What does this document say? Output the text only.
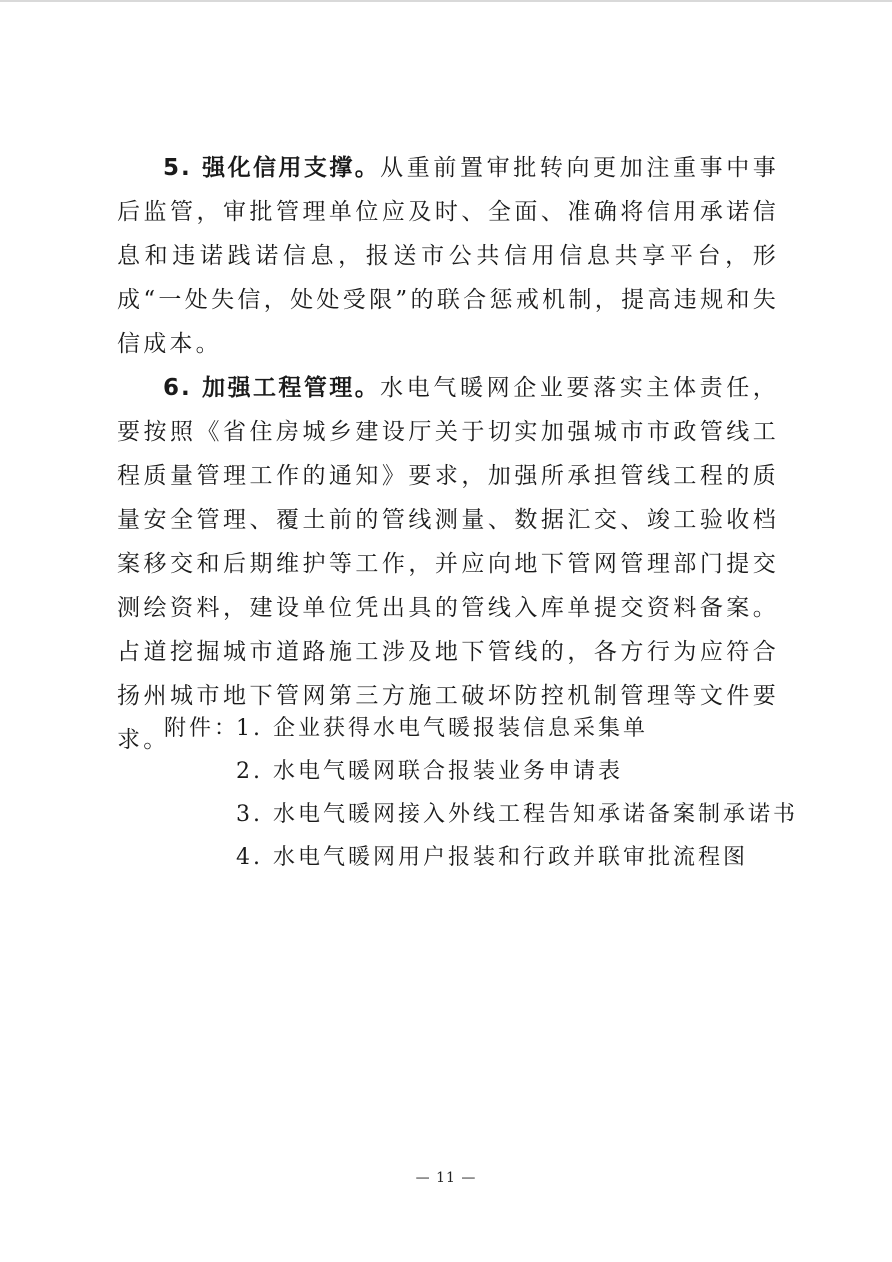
5. 强化信用支撑。从重前置审批转向更加注重事中事后监管，审批管理单位应及时、全面、准确将信用承诺信息和违诺践诺信息，报送市公共信用信息共享平台，形成“一处失信，处处受限”的联合惩戒机制，提高违规和失信成本。

6. 加强工程管理。水电气暖网企业要落实主体责任，要按照《省住房城乡建设厅关于切实加强城市市政管线工程质量管理工作的通知》要求，加强所承担管线工程的质量安全管理、覆土前的管线测量、数据汇交、竣工验收档案移交和后期维护等工作，并应向地下管网管理部门提交测绘资料，建设单位凭出具的管线入库单提交资料备案。占道挖掘城市道路施工涉及地下管线的，各方行为应符合扬州城市地下管网第三方施工破坏防控机制管理等文件要求。

附件：
1. 企业获得水电气暖报装信息采集单
2. 水电气暖网联合报装业务申请表
3. 水电气暖网接入外线工程告知承诺备案制承诺书
4. 水电气暖网用户报装和行政并联审批流程图
— 11 —
